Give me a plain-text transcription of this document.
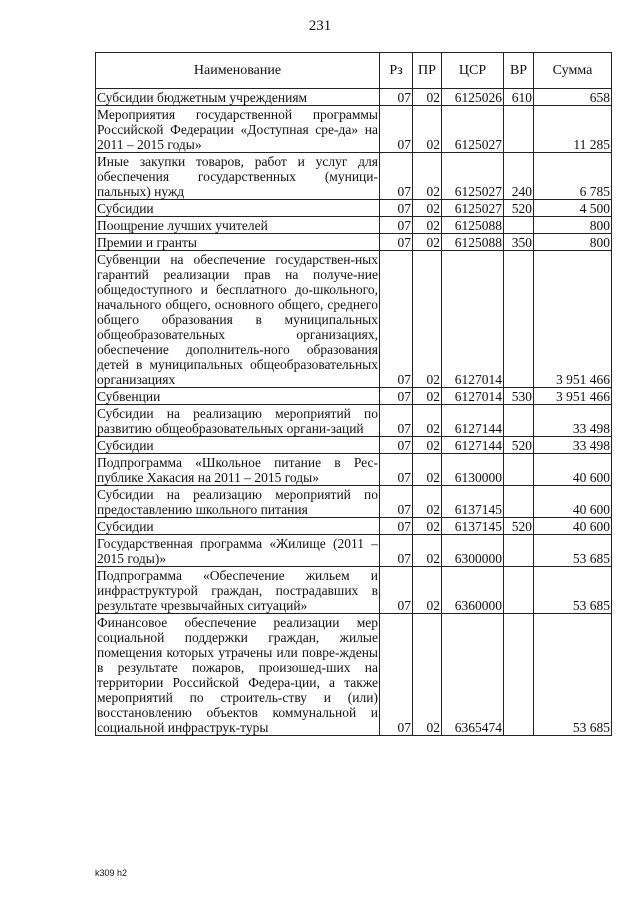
231
Наименование	Рз	ПР	ЦСР	ВР	Сумма
Субсидии бюджетным учреждениям	07	02	6125026	610	658
Мероприятия государственной программы Российской Федерации «Доступная сре-да» на 2011 – 2015 годы»	07	02	6125027		11 285
Иные закупки товаров, работ и услуг для обеспечения государственных (муници-пальных) нужд	07	02	6125027	240	6 785
Субсидии	07	02	6125027	520	4 500
Поощрение лучших учителей	07	02	6125088		800
Премии и гранты	07	02	6125088	350	800
Субвенции на обеспечение государствен-ных гарантий реализации прав на получе-ние общедоступного и бесплатного до-школьного, начального общего, основного общего, среднего общего образования в муниципальных общеобразовательных организациях, обеспечение дополнитель-ного образования детей в муниципальных общеобразовательных организациях	07	02	6127014		3 951 466
Субвенции	07	02	6127014	530	3 951 466
Субсидии на реализацию мероприятий по развитию общеобразовательных органи-заций	07	02	6127144		33 498
Субсидии	07	02	6127144	520	33 498
Подпрограмма «Школьное питание в Рес-публике Хакасия на 2011 – 2015 годы»	07	02	6130000		40 600
Субсидии на реализацию мероприятий по предоставлению школьного питания	07	02	6137145		40 600
Субсидии	07	02	6137145	520	40 600
Государственная программа «Жилище (2011 – 2015 годы)»	07	02	6300000		53 685
Подпрограмма «Обеспечение жильем и инфраструктурой граждан, пострадавших в результате чрезвычайных ситуаций»	07	02	6360000		53 685
Финансовое обеспечение реализации мер социальной поддержки граждан, жилые помещения которых утрачены или повре-ждены в результате пожаров, произошед-ших на территории Российской Федера-ции, а также мероприятий по строитель-ству и (или) восстановлению объектов коммунальной и социальной инфраструк-туры	07	02	6365474		53 685
k309 h2
